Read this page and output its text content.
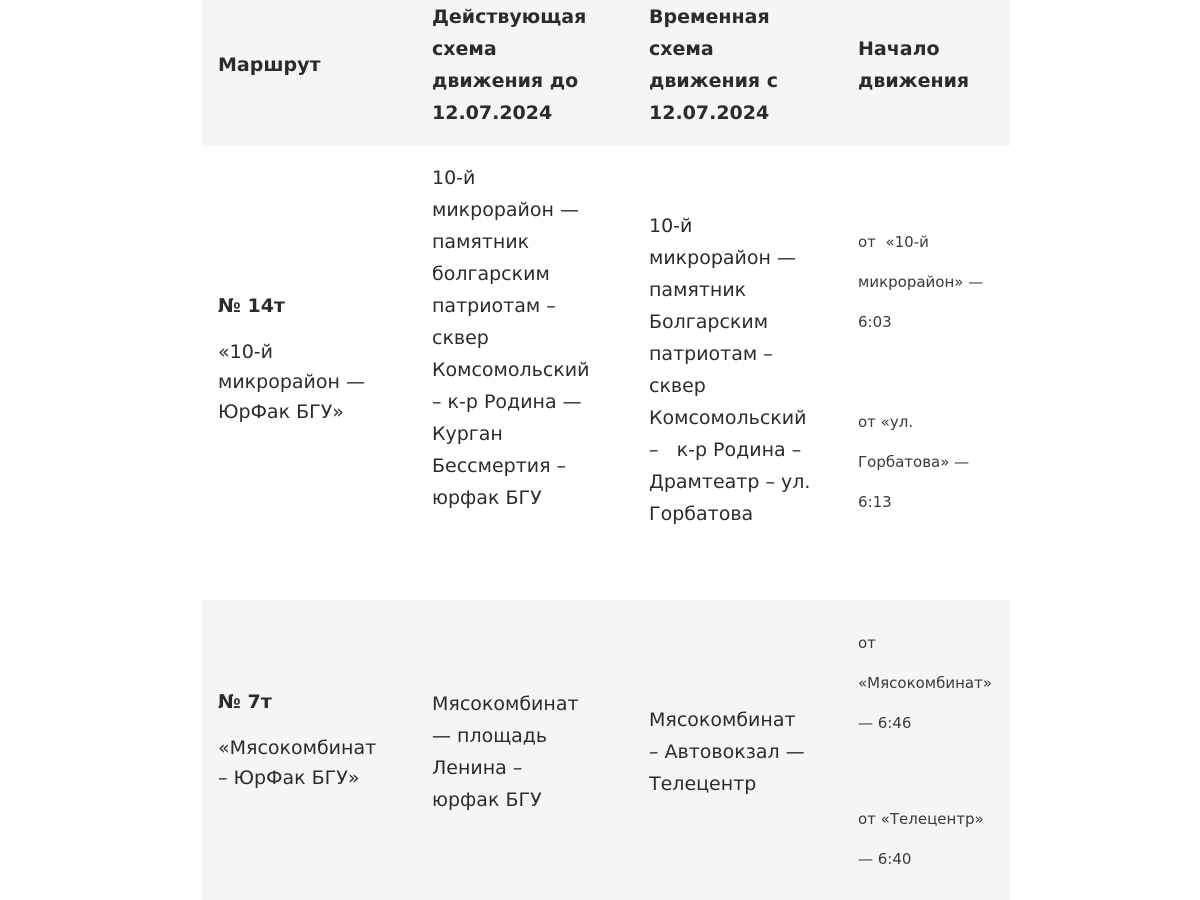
Маршрут
Действующая
схема
движения до
12.07.2024
Временная
схема
движения с
12.07.2024
Начало
движения
№ 14т
«10-й
микрорайон —
ЮрФак БГУ»
10-й
микрорайон —
памятник
болгарским
патриотам –
сквер
Комсомольский
– к-р Родина —
Курган
Бессмертия –
юрфак БГУ
10-й
микрорайон —
памятник
Болгарским
патриотам –
сквер
Комсомольский
–   к-р Родина –
Драмтеатр – ул.
Горбатова
от  «10-й
микрорайон» —
6:03
от «ул.
Горбатова» —
6:13
№ 7т
«Мясокомбинат
– ЮрФак БГУ»
Мясокомбинат
— площадь
Ленина –
юрфак БГУ
Мясокомбинат
– Автовокзал —
Телецентр
от
«Мясокомбинат»
— 6:46
от «Телецентр»
— 6:40
